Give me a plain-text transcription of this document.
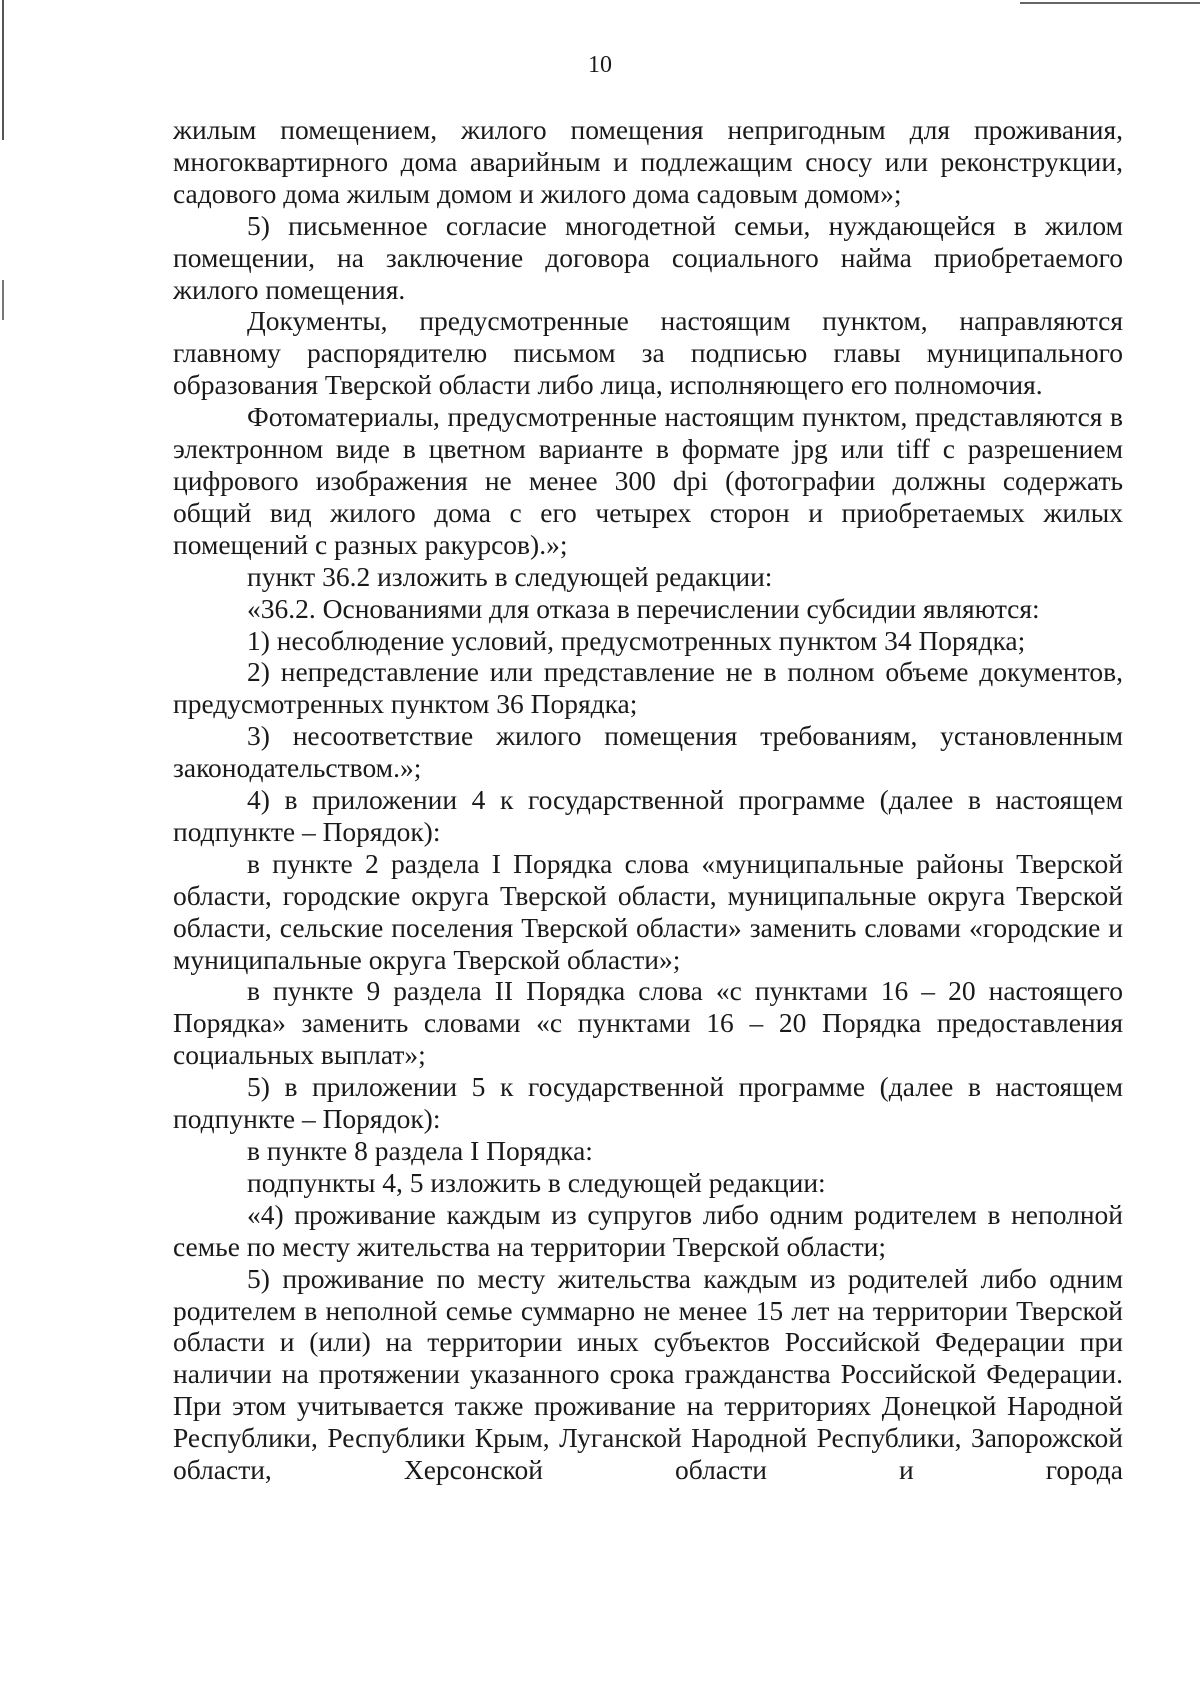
10

жилым помещением, жилого помещения непригодным для проживания, многоквартирного дома аварийным и подлежащим сносу или реконструкции, садового дома жилым домом и жилого дома садовым домом»;

5) письменное согласие многодетной семьи, нуждающейся в жилом помещении, на заключение договора социального найма приобретаемого жилого помещения.

Документы, предусмотренные настоящим пунктом, направляются главному распорядителю письмом за подписью главы муниципального образования Тверской области либо лица, исполняющего его полномочия.

Фотоматериалы, предусмотренные настоящим пунктом, представляются в электронном виде в цветном варианте в формате jpg или tiff с разрешением цифрового изображения не менее 300 dpi (фотографии должны содержать общий вид жилого дома с его четырех сторон и приобретаемых жилых помещений с разных ракурсов).»;

пункт 36.2 изложить в следующей редакции:

«36.2. Основаниями для отказа в перечислении субсидии являются:

1) несоблюдение условий, предусмотренных пунктом 34 Порядка;

2) непредставление или представление не в полном объеме документов, предусмотренных пунктом 36 Порядка;

3) несоответствие жилого помещения требованиям, установленным законодательством.»;

4) в приложении 4 к государственной программе (далее в настоящем подпункте – Порядок):

в пункте 2 раздела I Порядка слова «муниципальные районы Тверской области, городские округа Тверской области, муниципальные округа Тверской области, сельские поселения Тверской области» заменить словами «городские и муниципальные округа Тверской области»;

в пункте 9 раздела II Порядка слова «с пунктами 16 – 20 настоящего Порядка» заменить словами «с пунктами 16 – 20 Порядка предоставления социальных выплат»;

5) в приложении 5 к государственной программе (далее в настоящем подпункте – Порядок):

в пункте 8 раздела I Порядка:

подпункты 4, 5 изложить в следующей редакции:

«4) проживание каждым из супругов либо одним родителем в неполной семье по месту жительства на территории Тверской области;

5) проживание по месту жительства каждым из родителей либо одним родителем в неполной семье суммарно не менее 15 лет на территории Тверской области и (или) на территории иных субъектов Российской Федерации при наличии на протяжении указанного срока гражданства Российской Федерации. При этом учитывается также проживание на территориях Донецкой Народной Республики, Республики Крым, Луганской Народной Республики, Запорожской области, Херсонской области и города
